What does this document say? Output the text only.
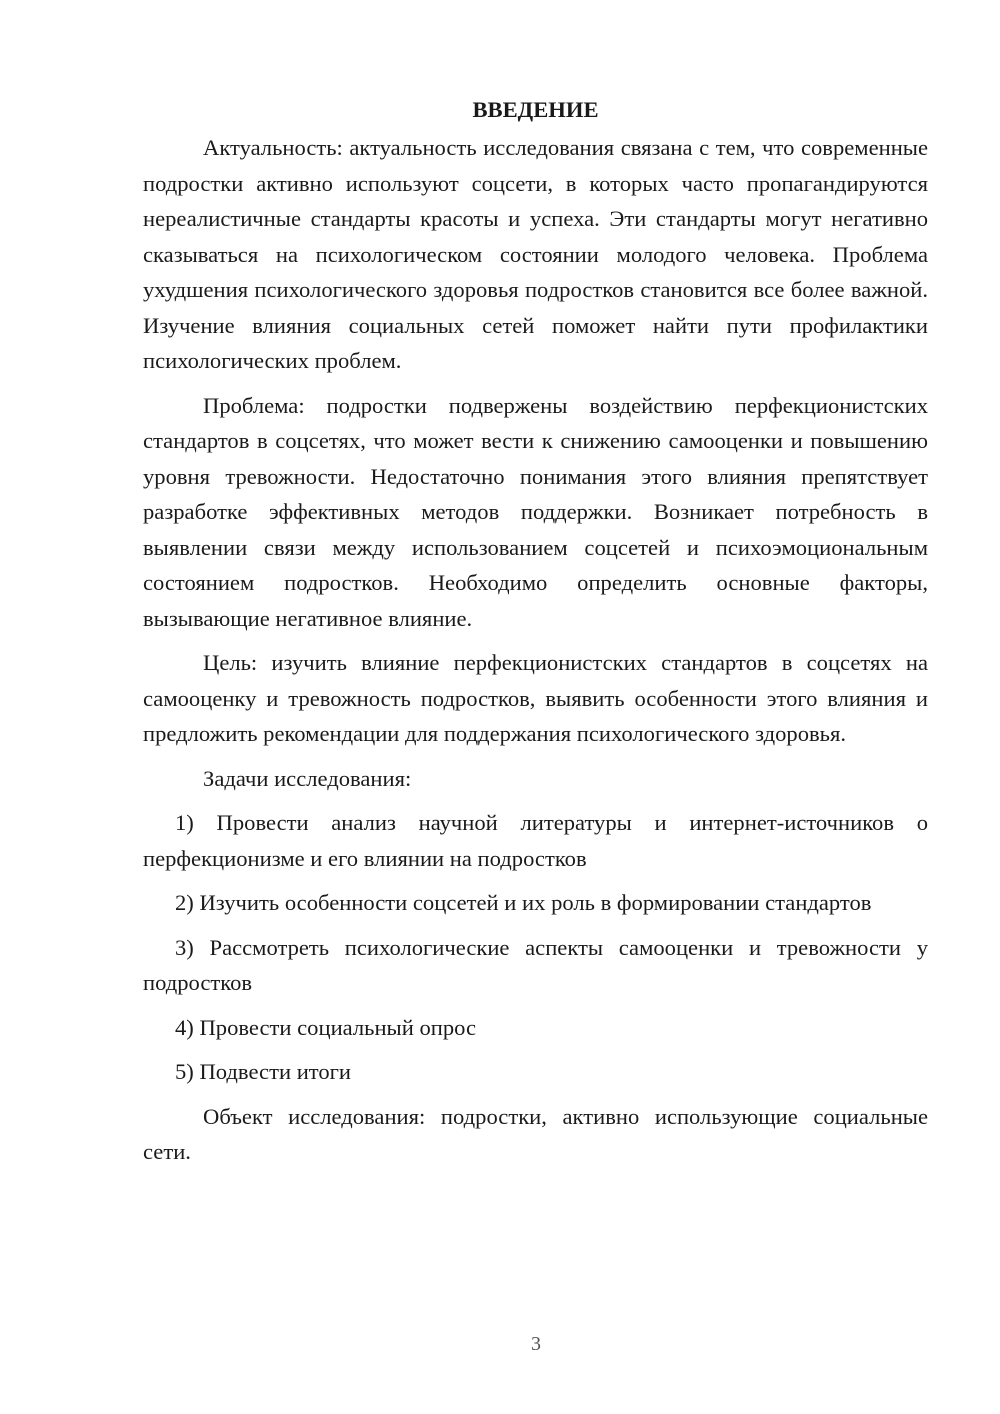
ВВЕДЕНИЕ

Актуальность: актуальность исследования связана с тем, что современные подростки активно используют соцсети, в которых часто пропагандируются нереалистичные стандарты красоты и успеха. Эти стандарты могут негативно сказываться на психологическом состоянии молодого человека. Проблема ухудшения психологического здоровья подростков становится все более важной. Изучение влияния социальных сетей поможет найти пути профилактики психологических проблем.

Проблема: подростки подвержены воздействию перфекционистских стандартов в соцсетях, что может вести к снижению самооценки и повышению уровня тревожности. Недостаточно понимания этого влияния препятствует разработке эффективных методов поддержки. Возникает потребность в выявлении связи между использованием соцсетей и психоэмоциональным состоянием подростков. Необходимо определить основные факторы, вызывающие негативное влияние.

Цель: изучить влияние перфекционистских стандартов в соцсетях на самооценку и тревожность подростков, выявить особенности этого влияния и предложить рекомендации для поддержания психологического здоровья.

Задачи исследования:

1) Провести анализ научной литературы и интернет-источников о перфекционизме и его влиянии на подростков

2) Изучить особенности соцсетей и их роль в формировании стандартов

3) Рассмотреть психологические аспекты самооценки и тревожности у подростков

4) Провести социальный опрос

5) Подвести итоги

Объект исследования: подростки, активно использующие социальные сети.

3
